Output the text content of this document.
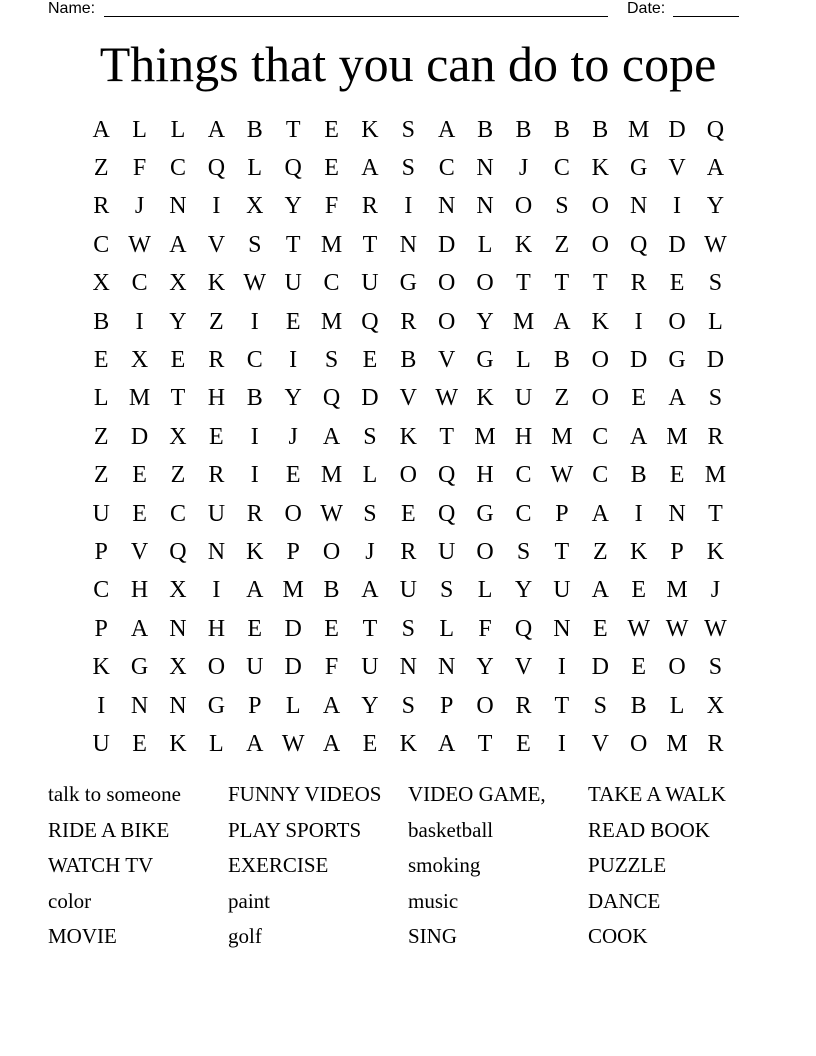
Name:	Date:
Things that you can do to cope
A L L A B T E K S A B B B B M D Q
Z	F C Q L Q E A S C N	J	C K G V A
R	J	N	I	X Y F R	I	N N O S O N	I	Y
C W A V S	T M T N D L K Z O Q D W
X C X K W U C U G O O T T T R E	S
B	I	Y Z	I	E M Q R O Y M A K	I	O L
E X E R C	I	S	E B V G L B O D G D
L M T H B Y Q D V W K U Z O E A S
Z D X E	I	J	A S K T M H M C A M R
Z E Z R	I	E M L O Q H C W C B E M
U E C U R O W S	E Q G C P A	I	N T
P V Q N K P O	J	R U O S	T Z K P K
C H X	I	A M B A U S	L Y U A E M J
P A N H E D E T	S	L	F Q N E W W W
K G X O U D F U N N Y V	I	D E O S
I	N N G P	L A Y S	P O R T	S B L X
U E K L A W A E K A T E	I	V O M R
talk to someone	FUNNY VIDEOS	VIDEO GAME,	TAKE A WALK
RIDE A BIKE	PLAY SPORTS	basketball	READ BOOK
WATCH TV	EXERCISE	smoking	PUZZLE
color	paint	music	DANCE
MOVIE	golf	SING	COOK
